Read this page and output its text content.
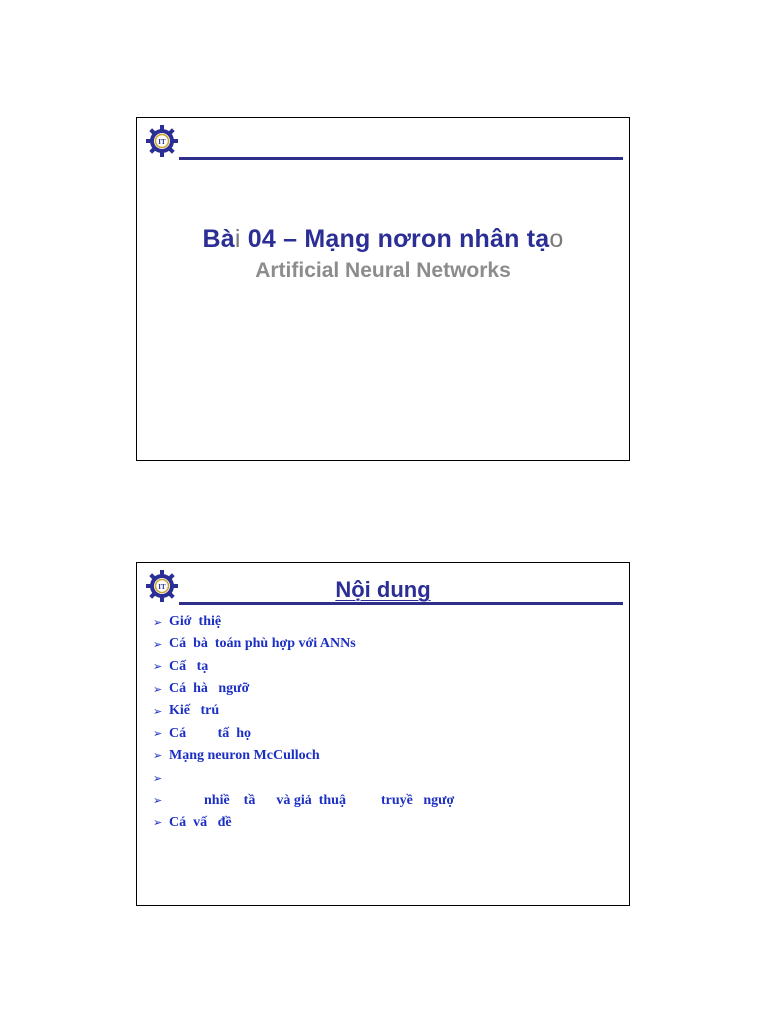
IT
Bài 04 – Mạng nơron nhân tạo
Artificial Neural Networks
IT	Nội dung
➢ Giớ  thiệ
➢ Cá  bà  toán phù hợp với ANNs
➢ Cấ   tạ
➢ Cá  hà   ngưỡ
➢ Kiế   trú
➢ Cá         tấ  họ
➢ Mạng neuron McCulloch
➢
➢ nhiề    tầ      và giả  thuậ          truyề   ngượ
➢ Cá  vấ   đề
